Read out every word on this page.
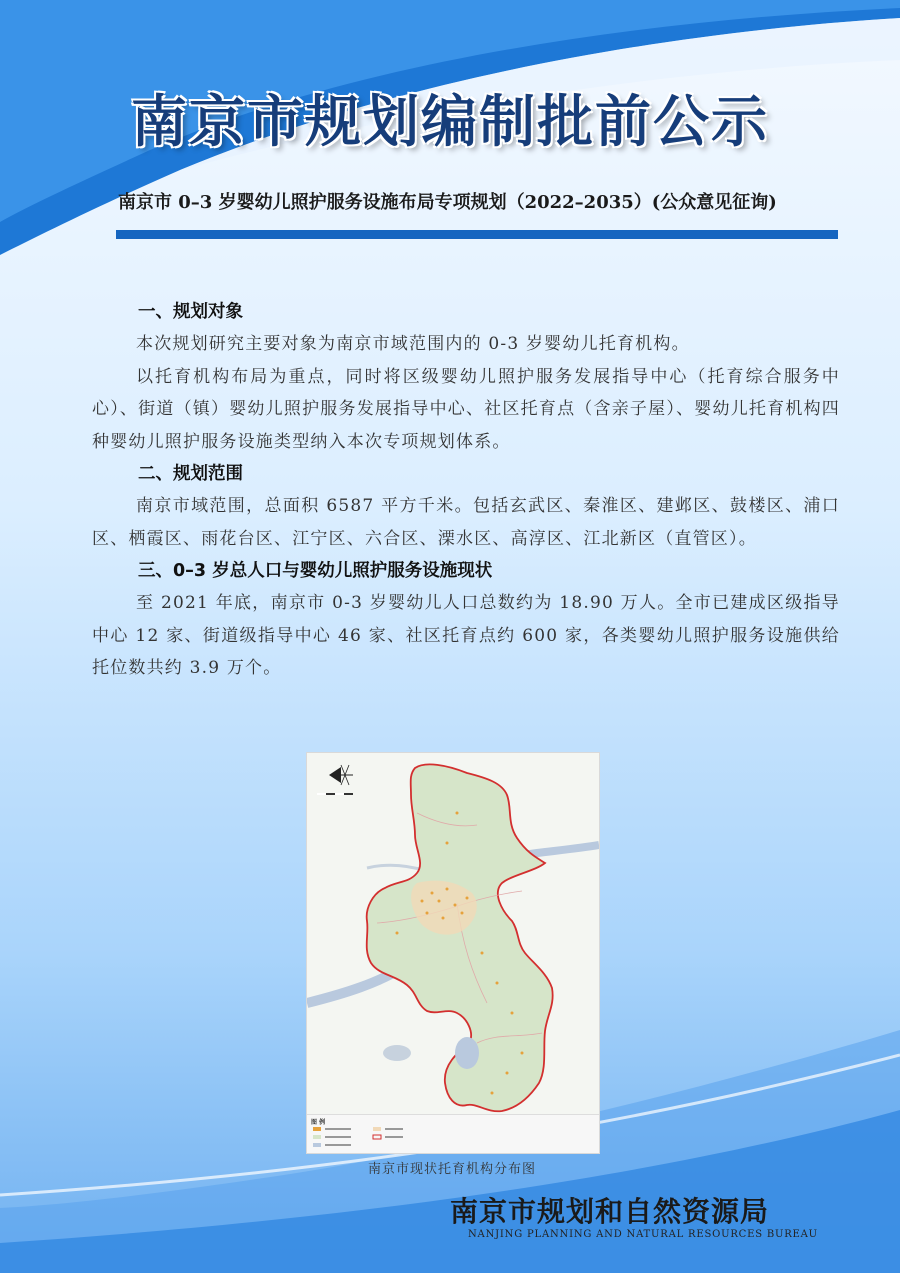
南京市规划编制批前公示
南京市 0–3 岁婴幼儿照护服务设施布局专项规划（2022–2035）(公众意见征询)
一、规划对象

本次规划研究主要对象为南京市域范围内的 0-3 岁婴幼儿托育机构。

以托育机构布局为重点，同时将区级婴幼儿照护服务发展指导中心（托育综合服务中心）、街道（镇）婴幼儿照护服务发展指导中心、社区托育点（含亲子屋）、婴幼儿托育机构四种婴幼儿照护服务设施类型纳入本次专项规划体系。

二、规划范围

南京市域范围，总面积 6587 平方千米。包括玄武区、秦淮区、建邺区、鼓楼区、浦口区、栖霞区、雨花台区、江宁区、六合区、溧水区、高淳区、江北新区（直管区）。

三、0–3 岁总人口与婴幼儿照护服务设施现状

至 2021 年底，南京市 0-3 岁婴幼儿人口总数约为 18.90 万人。全市已建成区级指导中心 12 家、街道级指导中心 46 家、社区托育点约 600 家，各类婴幼儿照护服务设施供给托位数共约 3.9 万个。

图 例
南京市现状托育机构分布图
南京市规划和自然资源局
NANJING PLANNING AND NATURAL RESOURCES BUREAU
